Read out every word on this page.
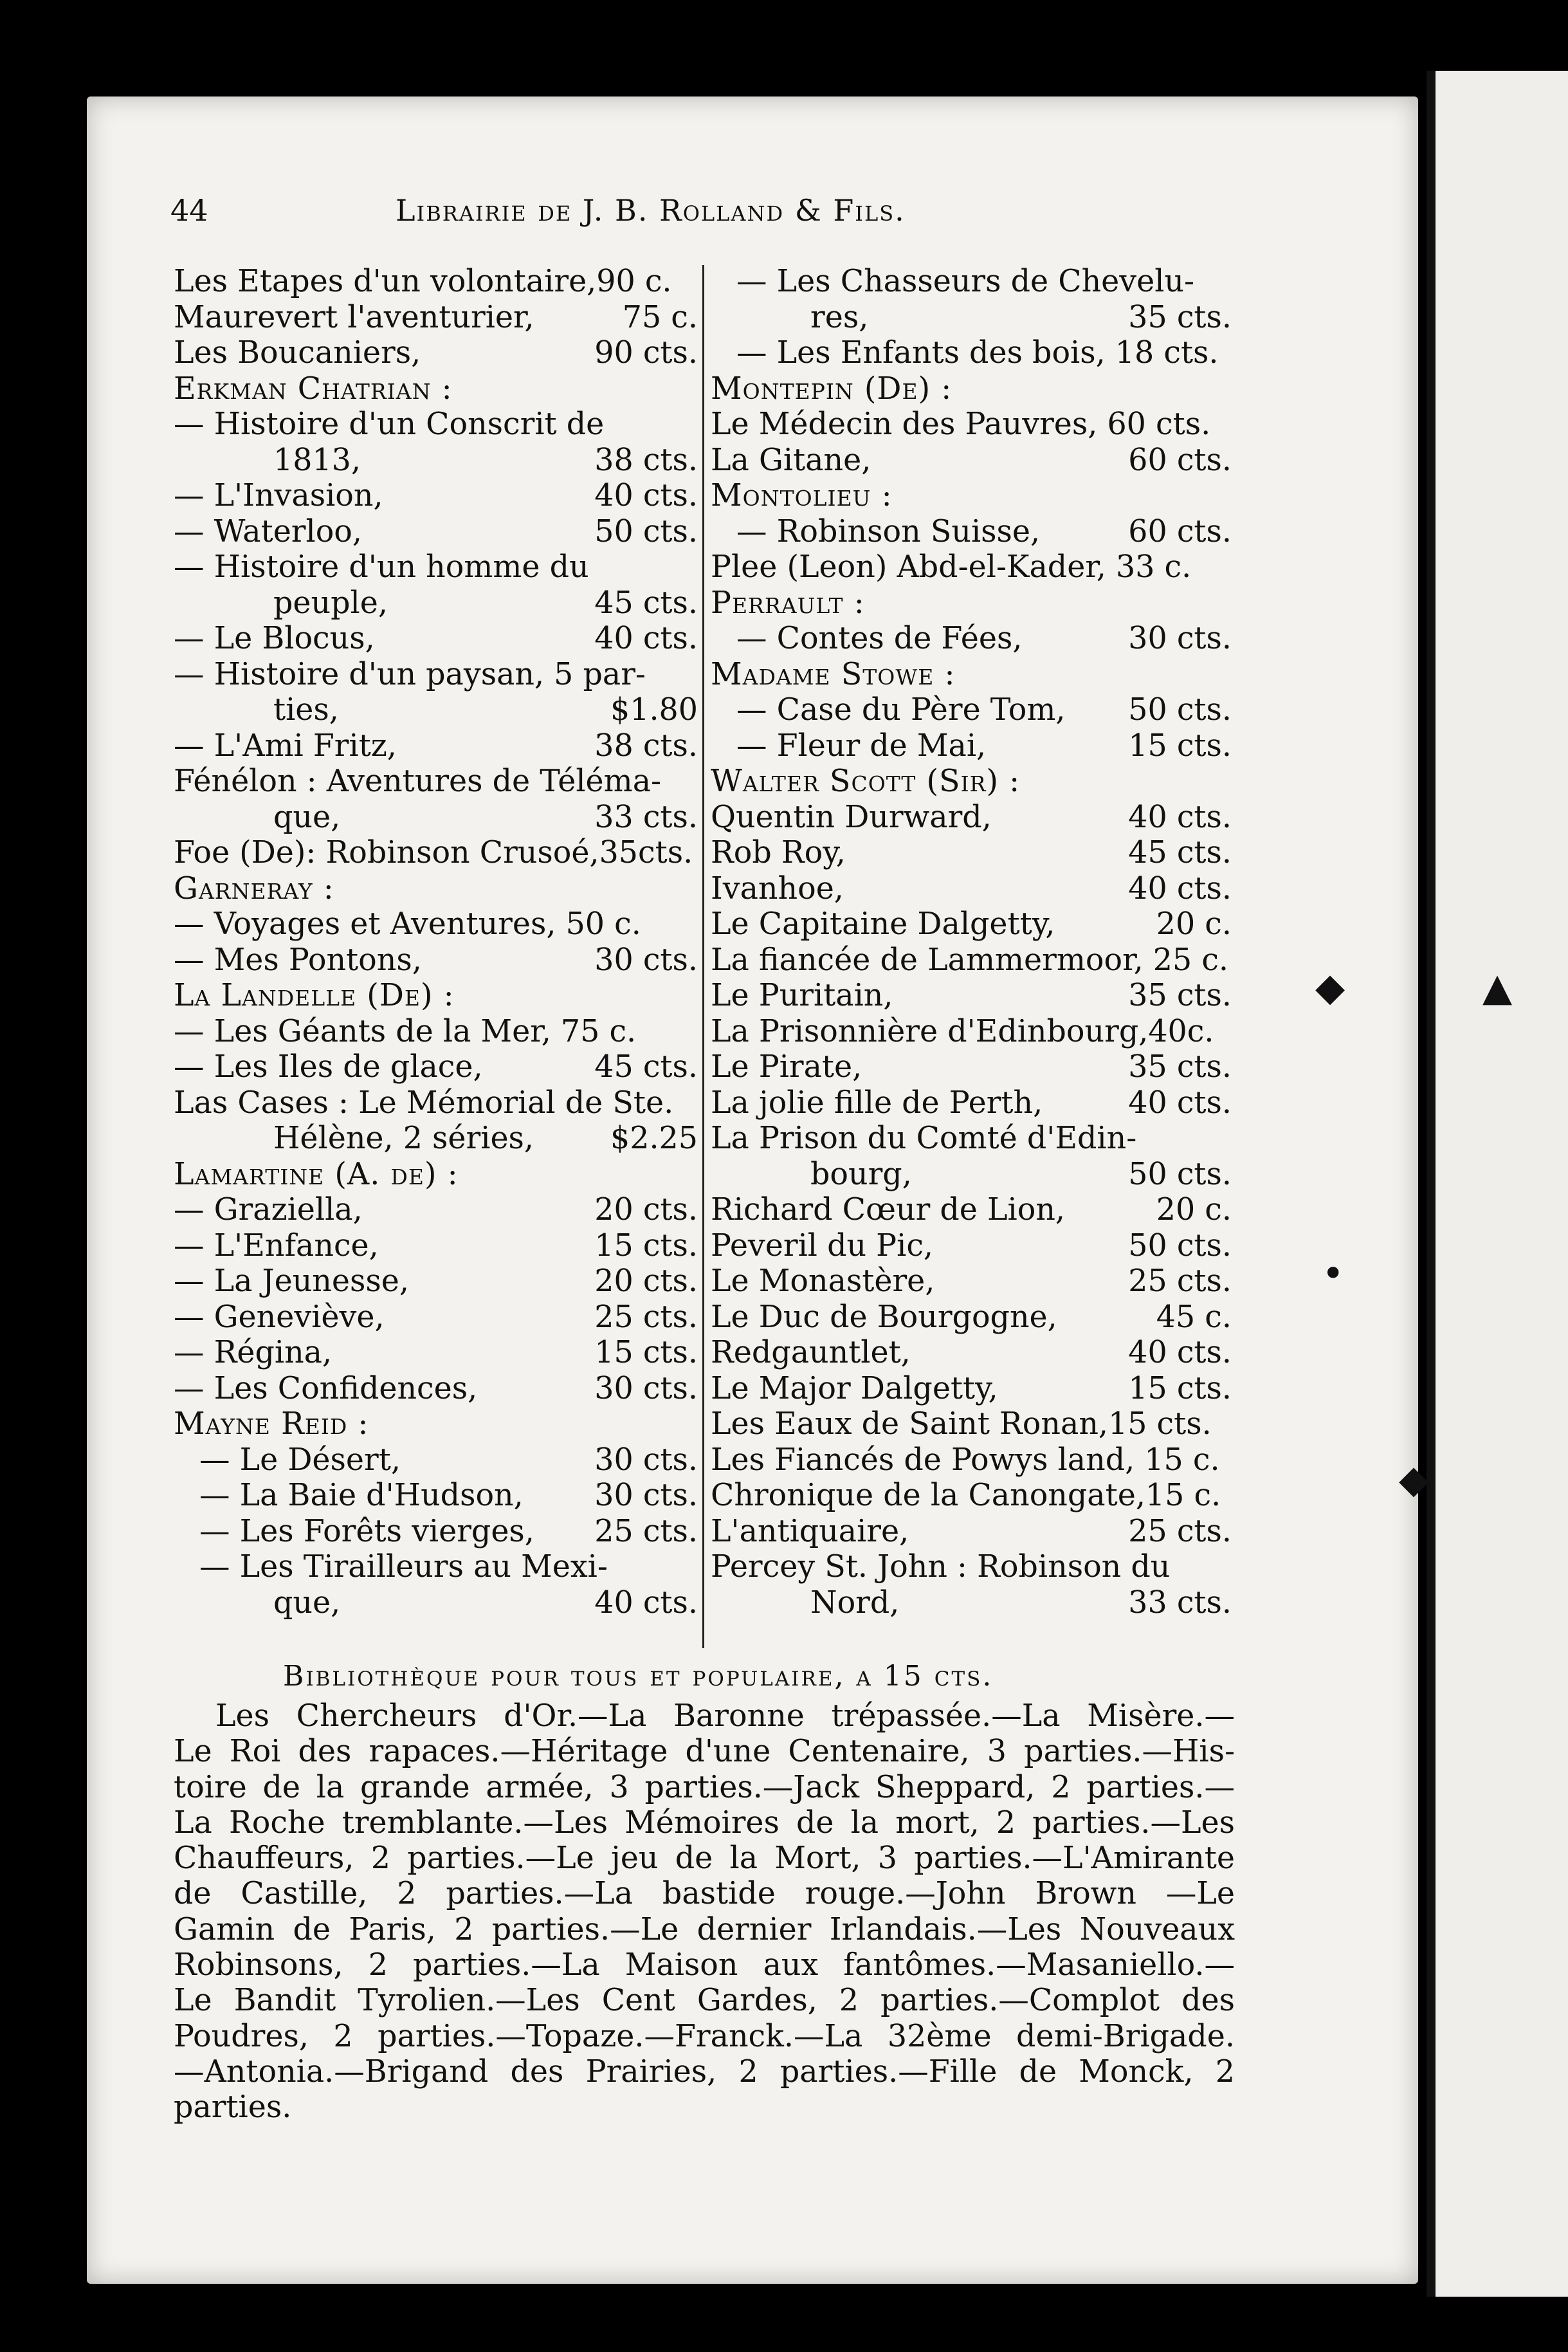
◆	▲
•
◆
44	Librairie de J. B. Rolland & Fils.
Les Etapes d'un volontaire,90 c.
Maurevert l'aventurier,	75 c.
Les Boucaniers,	90 cts.
Erkman Chatrian :
— Histoire d'un Conscrit de
1813,	38 cts.
— L'Invasion,	40 cts.
— Waterloo,	50 cts.
— Histoire d'un homme du
peuple,	45 cts.
— Le Blocus,	40 cts.
— Histoire d'un paysan, 5 par-
ties,	$1.80
— L'Ami Fritz,	38 cts.
Fénélon : Aventures de Téléma-
que,	33 cts.
Foe (De): Robinson Crusoé,35cts.
Garneray :
— Voyages et Aventures, 50 c.
— Mes Pontons,	30 cts.
La Landelle (De) :
— Les Géants de la Mer, 75 c.
— Les Iles de glace,	45 cts.
Las Cases : Le Mémorial de Ste.
Hélène, 2 séries,	$2.25
Lamartine (A. de) :
— Graziella,	20 cts.
— L'Enfance,	15 cts.
— La Jeunesse,	20 cts.
— Geneviève,	25 cts.
— Régina,	15 cts.
— Les Confidences,	30 cts.
Mayne Reid :
— Le Désert,	30 cts.
— La Baie d'Hudson, 30 cts.
— Les Forêts vierges, 25 cts.
— Les Tirailleurs au Mexi-
que,	40 cts.
— Les Chasseurs de Chevelu-
res,	35 cts.
— Les Enfants des bois, 18 cts.
Montepin (De) :
Le Médecin des Pauvres, 60 cts.
La Gitane,	60 cts.
Montolieu :
— Robinson Suisse,	60 cts.
Plee (Leon) Abd-el-Kader, 33 c.
Perrault :
— Contes de Fées,	30 cts.
Madame Stowe :
— Case du Père Tom, 50 cts.
— Fleur de Mai,	15 cts.
Walter Scott (Sir) :
Quentin Durward,	40 cts.
Rob Roy,	45 cts.
Ivanhoe,	40 cts.
Le Capitaine Dalgetty,	20 c.
La fiancée de Lammermoor, 25 c.
Le Puritain,	35 cts.
La Prisonnière d'Edinbourg,40c.
Le Pirate,	35 cts.
La jolie fille de Perth,	40 cts.
La Prison du Comté d'Edin-
bourg,	50 cts.
Richard Cœur de Lion,	20 c.
Peveril du Pic,	50 cts.
Le Monastère,	25 cts.
Le Duc de Bourgogne,	45 c.
Redgauntlet,	40 cts.
Le Major Dalgetty,	15 cts.
Les Eaux de Saint Ronan,15 cts.
Les Fiancés de Powys land, 15 c.
Chronique de la Canongate,15 c.
L'antiquaire,	25 cts.
Percey St. John : Robinson du
Nord,	33 cts.
Bibliothèque pour tous et populaire, a 15 cts.
Les Chercheurs d'Or.—La Baronne trépassée.—La Misère.—
Le Roi des rapaces.—Héritage d'une Centenaire, 3 parties.—His-
toire de la grande armée, 3 parties.—Jack Sheppard, 2 parties.—
La Roche tremblante.—Les Mémoires de la mort, 2 parties.—Les
Chauffeurs, 2 parties.—Le jeu de la Mort, 3 parties.—L'Amirante
de Castille, 2 parties.—La bastide rouge.—John Brown —Le
Gamin de Paris, 2 parties.—Le dernier Irlandais.—Les Nouveaux
Robinsons, 2 parties.—La Maison aux fantômes.—Masaniello.—
Le Bandit Tyrolien.—Les Cent Gardes, 2 parties.—Complot des
Poudres, 2 parties.—Topaze.—Franck.—La 32ème demi-Brigade.
—Antonia.—Brigand des Prairies, 2 parties.—Fille de Monck, 2
parties.
